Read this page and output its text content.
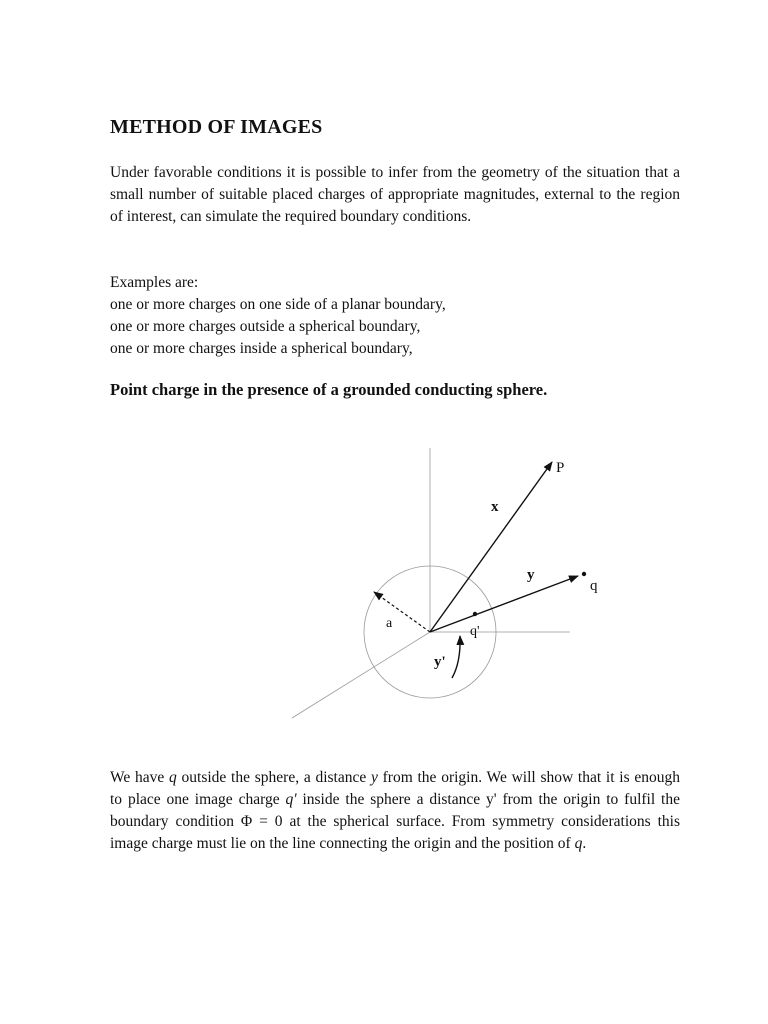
METHOD OF IMAGES

Under favorable conditions it is possible to infer from the geometry of the situation that a small number of suitable placed charges of appropriate magnitudes, external to the region of interest, can simulate the required boundary conditions.

Examples are:
one or more charges on one side of a planar boundary,
one or more charges outside a spherical boundary,
one or more charges inside a spherical boundary,
Point charge in the presence of a grounded conducting sphere.
P
x
y
q
a
q'
y'

We have q outside the sphere, a distance y from the origin. We will show that it is enough to place one image charge q' inside the sphere a distance y' from the origin to fulfil the boundary condition Φ = 0 at the spherical surface. From symmetry considerations this image charge must lie on the line connecting the origin and the position of q.
